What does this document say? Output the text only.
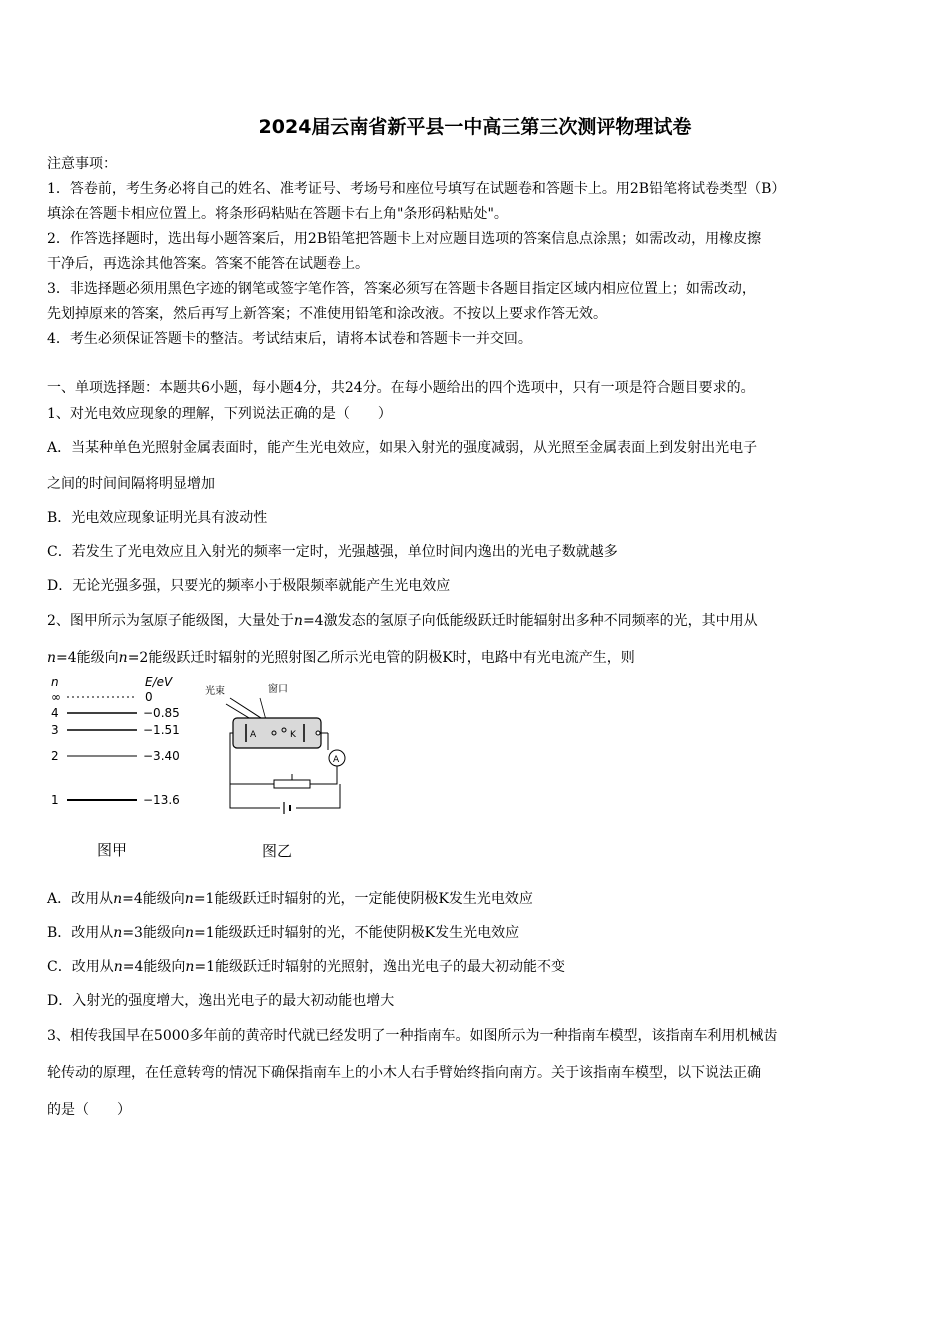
2024届云南省新平县一中高三第三次测评物理试卷
注意事项：
1．答卷前，考生务必将自己的姓名、准考证号、考场号和座位号填写在试题卷和答题卡上。用2B铅笔将试卷类型（B）
填涂在答题卡相应位置上。将条形码粘贴在答题卡右上角"条形码粘贴处"。
2．作答选择题时，选出每小题答案后，用2B铅笔把答题卡上对应题目选项的答案信息点涂黑；如需改动，用橡皮擦
干净后，再选涂其他答案。答案不能答在试题卷上。
3．非选择题必须用黑色字迹的钢笔或签字笔作答，答案必须写在答题卡各题目指定区域内相应位置上；如需改动，
先划掉原来的答案，然后再写上新答案；不准使用铅笔和涂改液。不按以上要求作答无效。
4．考生必须保证答题卡的整洁。考试结束后，请将本试卷和答题卡一并交回。
一、单项选择题：本题共6小题，每小题4分，共24分。在每小题给出的四个选项中，只有一项是符合题目要求的。
1、对光电效应现象的理解，下列说法正确的是（　　）
A．当某种单色光照射金属表面时，能产生光电效应，如果入射光的强度减弱，从光照至金属表面上到发射出光电子
之间的时间间隔将明显增加
B．光电效应现象证明光具有波动性
C．若发生了光电效应且入射光的频率一定时，光强越强，单位时间内逸出的光电子数就越多
D．无论光强多强，只要光的频率小于极限频率就能产生光电效应
2、图甲所示为氢原子能级图，大量处于n=4激发态的氢原子向低能级跃迁时能辐射出多种不同频率的光，其中用从
n=4能级向n=2能级跃迁时辐射的光照射图乙所示光电管的阴极K时，电路中有光电流产生，则
n	E/eV
∞	0
4	−0.85
3	−1.51
2	−3.40
1	−13.6
图甲
光束	窗口
A	K
A
图乙
A．改用从n=4能级向n=1能级跃迁时辐射的光，一定能使阴极K发生光电效应
B．改用从n=3能级向n=1能级跃迁时辐射的光，不能使阴极K发生光电效应
C．改用从n=4能级向n=1能级跃迁时辐射的光照射，逸出光电子的最大初动能不变
D．入射光的强度增大，逸出光电子的最大初动能也增大
3、相传我国早在5000多年前的黄帝时代就已经发明了一种指南车。如图所示为一种指南车模型，该指南车利用机械齿
轮传动的原理，在任意转弯的情况下确保指南车上的小木人右手臂始终指向南方。关于该指南车模型，以下说法正确
的是（　　）
